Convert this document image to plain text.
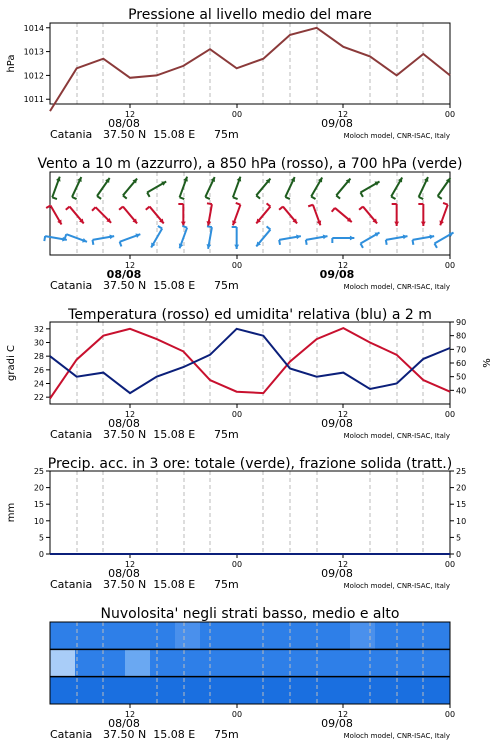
Pressione al livello medio del mare
12	00	12	00
08/08	09/08
Catania 37.50 N  15.08 E 75m	Moloch model, CNR-ISAC, Italy
1011
1012
1013
1014
hPa
Vento a 10 m (azzurro), a 850 hPa (rosso), a 700 hPa (verde)
12	00	12	00
08/08	09/08
Catania 37.50 N  15.08 E 75m	Moloch model, CNR-ISAC, Italy
Temperatura (rosso) ed umidita' relativa (blu) a 2 m
12	00	12	00
08/08	09/08
Catania 37.50 N  15.08 E 75m	Moloch model, CNR-ISAC, Italy
22
24
26
28
30
32
gradi C
40
50
60
70
80
90
%
Precip. acc. in 3 ore: totale (verde), frazione solida (tratt.)
12	00	12	00
08/08	09/08
Catania 37.50 N  15.08 E 75m	Moloch model, CNR-ISAC, Italy
0
5
10
15
20
25
mm
0
5
10
15
20
25
Nuvolosita' negli strati basso, medio e alto
12	00	12	00
08/08	09/08
Catania 37.50 N  15.08 E 75m	Moloch model, CNR-ISAC, Italy
